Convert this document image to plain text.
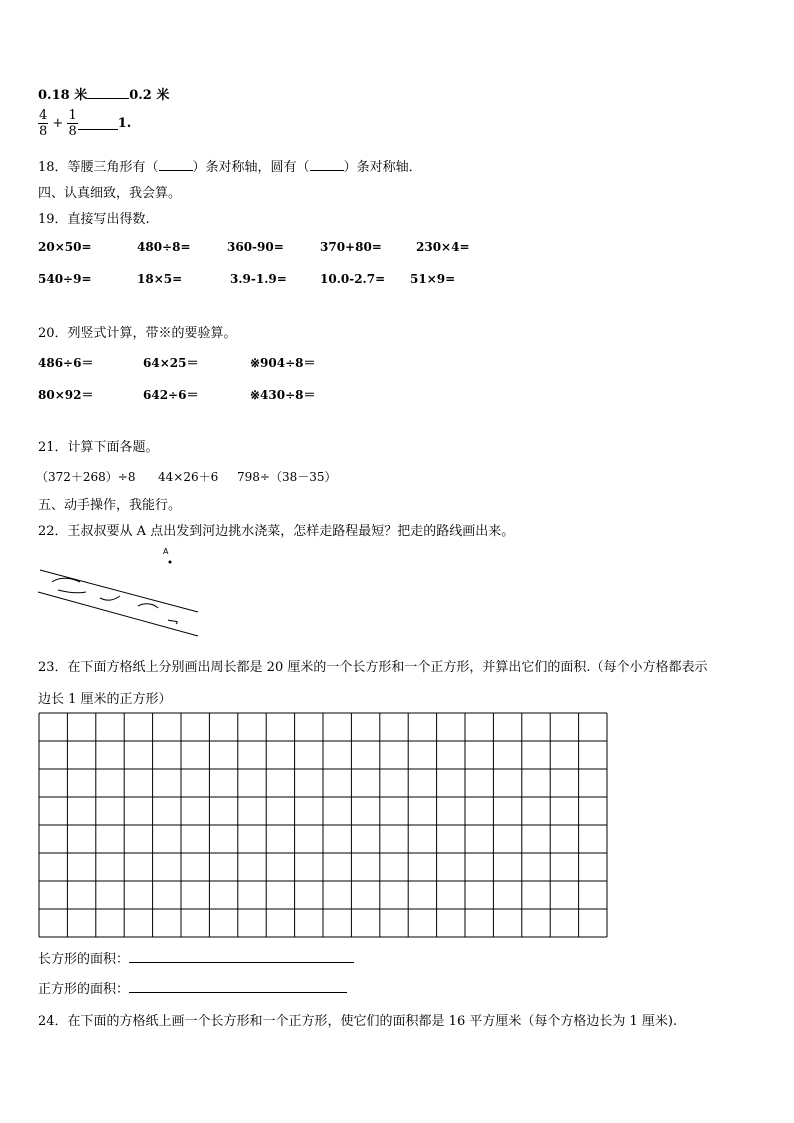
0.18 米	0.2 米
$\frac{4}{8} + \frac{1}{8}$	1.
18．等腰三角形有（	）条对称轴，圆有（	）条对称轴．
四、认真细致，我会算。
19．直接写出得数.
20×50=	480÷8=	360-90=	370+80=	230×4=
540÷9=	18×5=	3.9-1.9=	10.0-2.7= 51×9=
20．列竖式计算，带※的要验算。
486÷6＝	64×25＝	※904÷8＝
80×92＝	642÷6＝	※430÷8＝
21．计算下面各题。
（372＋268）÷8 44×26＋6 798÷（38－35）
五、动手操作，我能行。
22．王叔叔要从 A 点出发到河边挑水浇菜，怎样走路程最短？把走的路线画出来。
A
23．在下面方格纸上分别画出周长都是 20 厘米的一个长方形和一个正方形，并算出它们的面积.（每个小方格都表示
边长 1 厘米的正方形）
长方形的面积：
正方形的面积：
24．在下面的方格纸上画一个长方形和一个正方形，使它们的面积都是 16 平方厘米（每个方格边长为 1 厘米).
